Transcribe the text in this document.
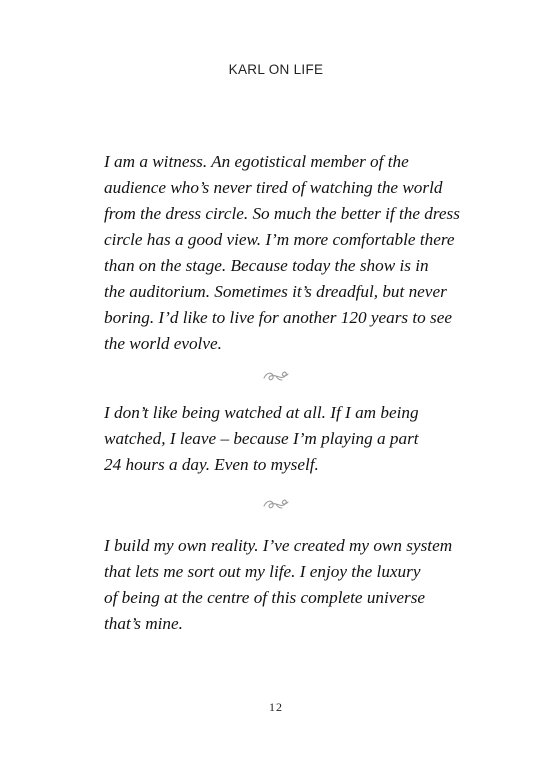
KARL ON LIFE

I am a witness. An egotistical member of the
audience who’s never tired of watching the world
from the dress circle. So much the better if the dress
circle has a good view. I’m more comfortable there
than on the stage. Because today the show is in
the auditorium. Sometimes it’s dreadful, but never
boring. I’d like to live for another 120 years to see
the world evolve.

I don’t like being watched at all. If I am being
watched, I leave – because I’m playing a part
24 hours a day. Even to myself.

I build my own reality. I’ve created my own system
that lets me sort out my life. I enjoy the luxury
of being at the centre of this complete universe
that’s mine.

12
